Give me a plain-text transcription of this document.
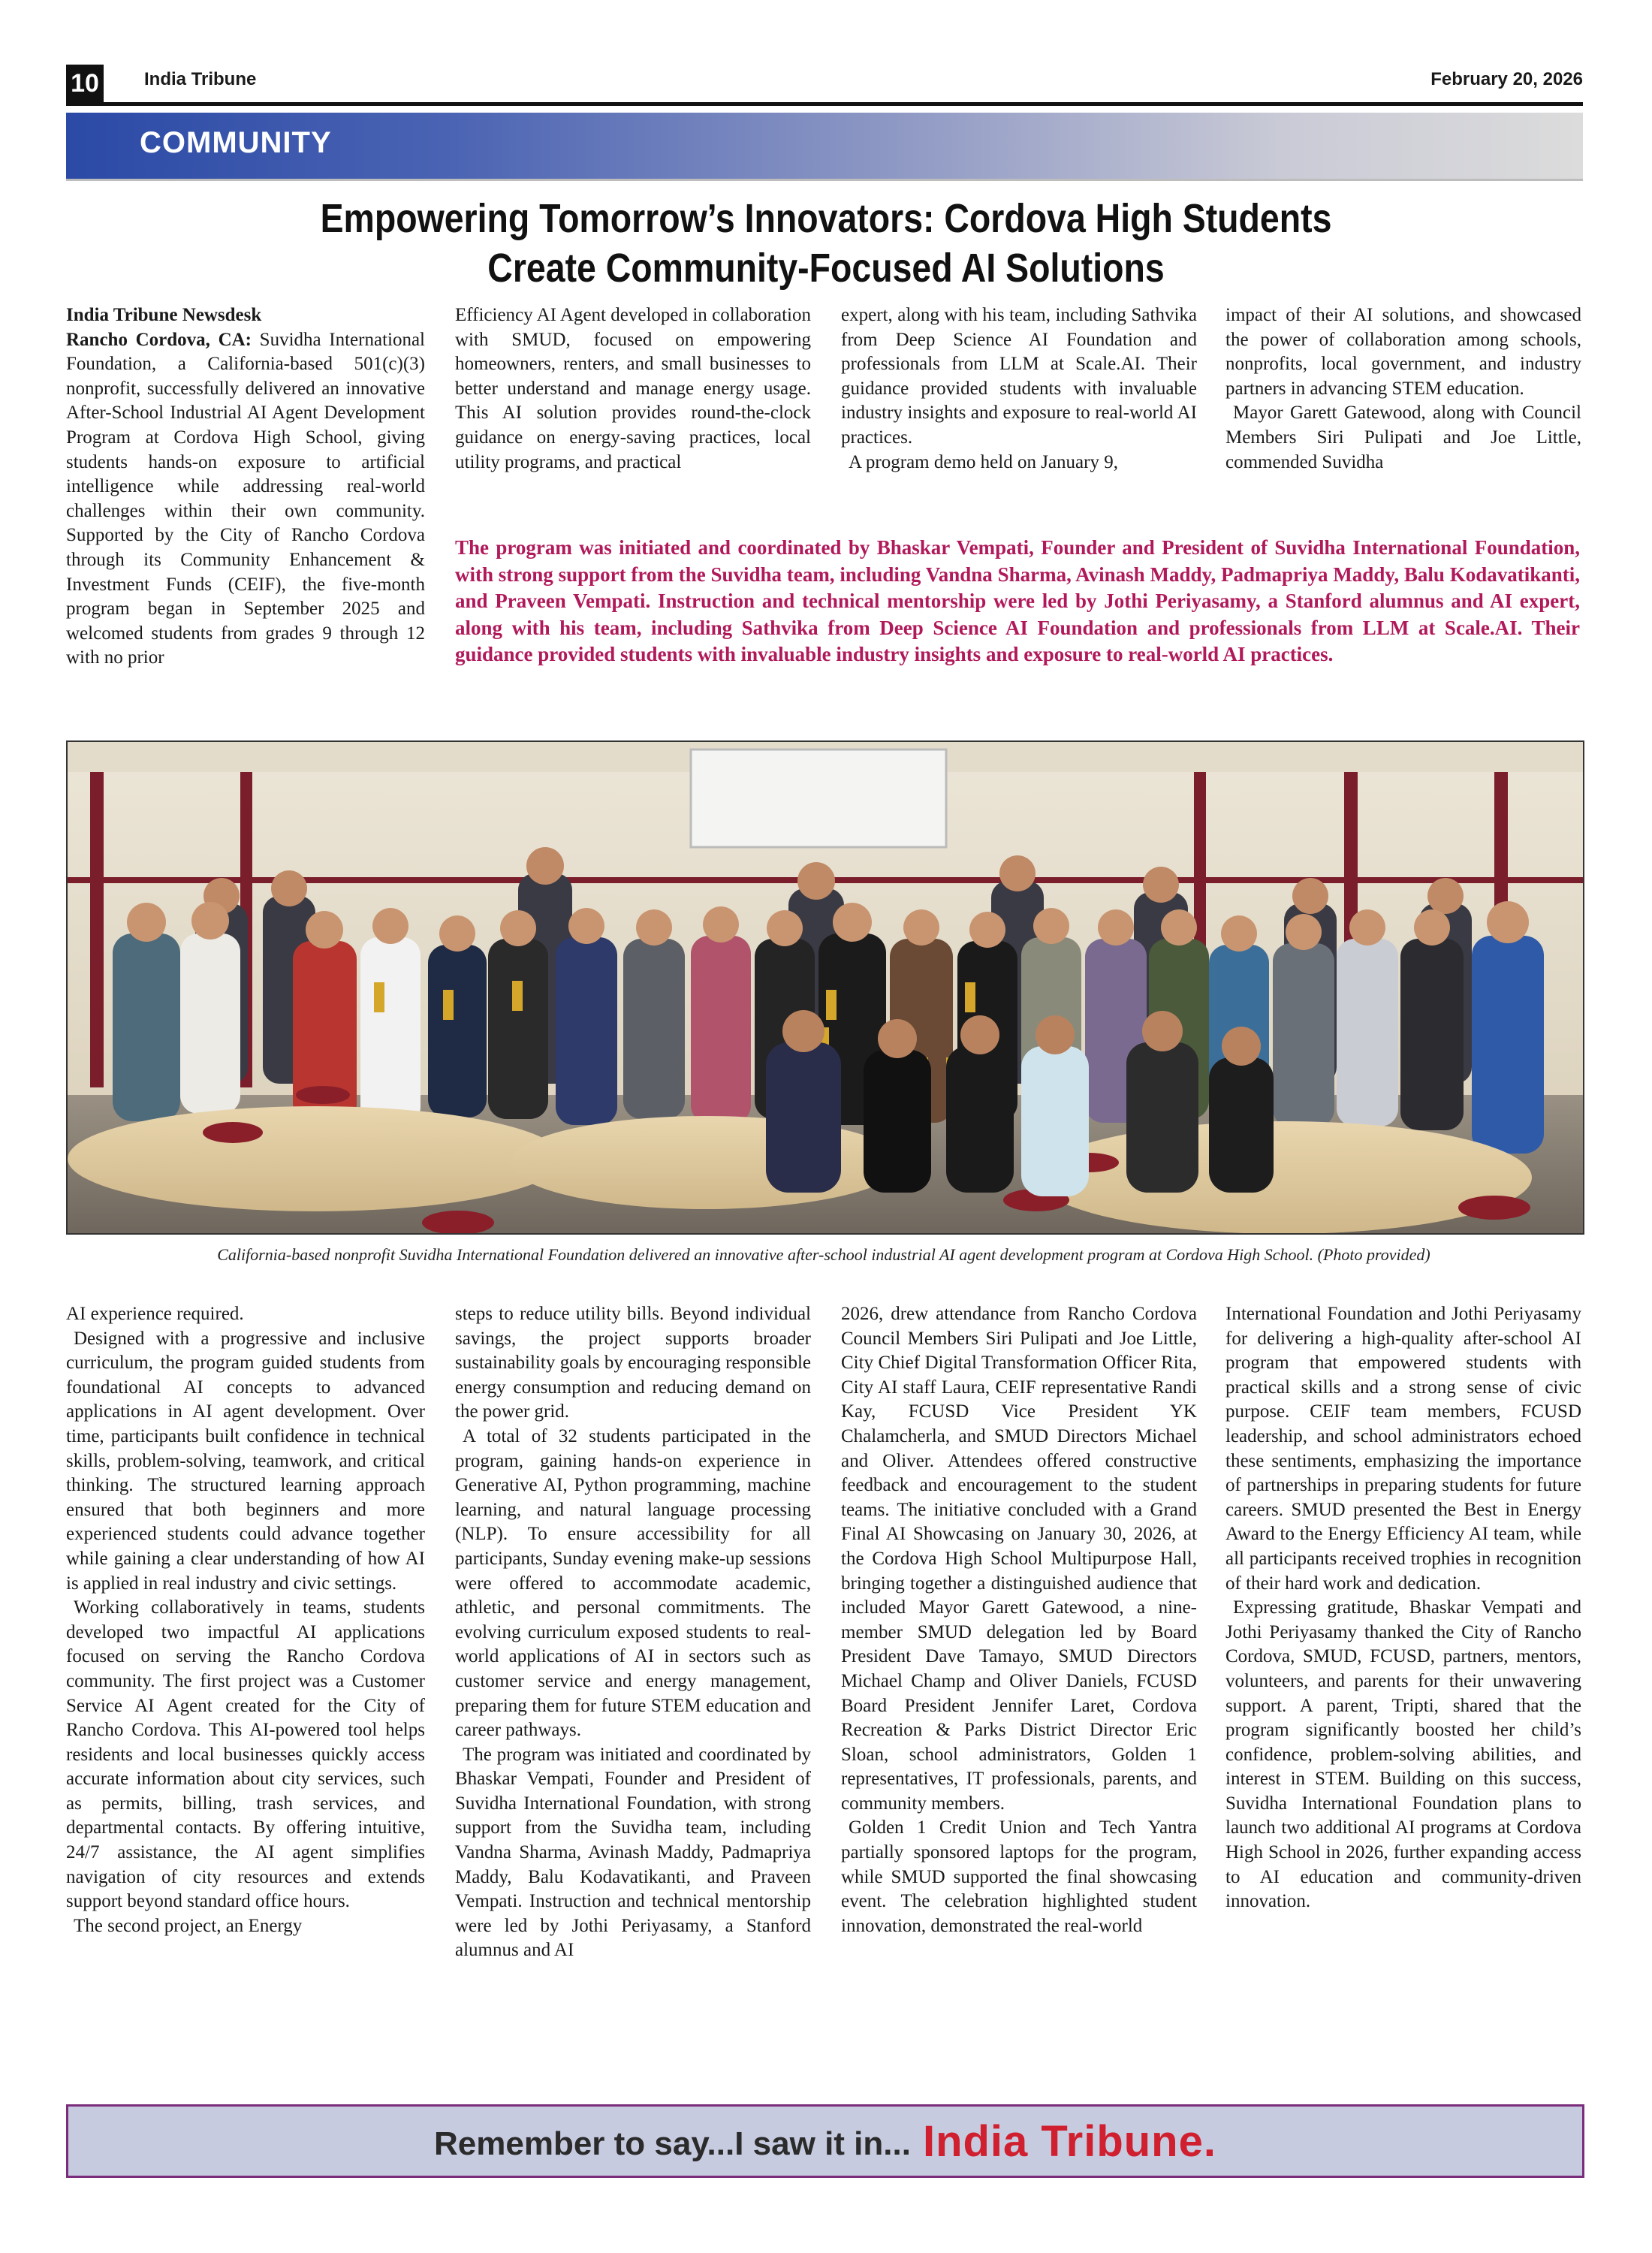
10	India Tribune	February 20, 2026
COMMUNITY
Empowering Tomorrow’s Innovators: Cordova High Students
Create Community-Focused AI Solutions

India Tribune Newsdesk

Rancho Cordova, CA: Suvidha International Foundation, a California-based 501(c)(3) nonprofit, successfully delivered an innovative After-School Industrial AI Agent Development Program at Cordova High School, giving students hands-on exposure to artificial intelligence while addressing real-world challenges within their own community. Supported by the City of Rancho Cordova through its Community Enhancement & Investment Funds (CEIF), the five-month program began in September 2025 and welcomed students from grades 9 through 12 with no prior

Efficiency AI Agent developed in collaboration with SMUD, focused on empowering homeowners, renters, and small businesses to better understand and manage energy usage. This AI solution provides round-the-clock guidance on energy-saving practices, local utility programs, and practical

expert, along with his team, including Sathvika from Deep Science AI Foundation and professionals from LLM at Scale.AI. Their guidance provided students with invaluable industry insights and exposure to real-world AI practices.

A program demo held on January 9,

impact of their AI solutions, and showcased the power of collaboration among schools, nonprofits, local government, and industry partners in advancing STEM education.

Mayor Garett Gatewood, along with Council Members Siri Pulipati and Joe Little, commended Suvidha

The program was initiated and coordinated by Bhaskar Vempati, Founder and President of Suvidha International Foundation, with strong support from the Suvidha team, including Vandna Sharma, Avinash Maddy, Padmapriya Maddy, Balu Kodavatikanti, and Praveen Vempati. Instruction and technical mentorship were led by Jothi Periyasamy, a Stanford alumnus and AI expert, along with his team, including Sathvika from Deep Science AI Foundation and professionals from LLM at Scale.AI. Their guidance provided students with invaluable industry insights and exposure to real-world AI practices.
California-based nonprofit Suvidha International Foundation delivered an innovative after-school industrial AI agent development program at Cordova High School. (Photo provided)

AI experience required.

Designed with a progressive and inclusive curriculum, the program guided students from foundational AI concepts to advanced applications in AI agent development. Over time, participants built confidence in technical skills, problem-solving, teamwork, and critical thinking. The structured learning approach ensured that both beginners and more experienced students could advance together while gaining a clear understanding of how AI is applied in real industry and civic settings.

Working collaboratively in teams, students developed two impactful AI applications focused on serving the Rancho Cordova community. The first project was a Customer Service AI Agent created for the City of Rancho Cordova. This AI-powered tool helps residents and local businesses quickly access accurate information about city services, such as permits, billing, trash services, and departmental contacts. By offering intuitive, 24/7 assistance, the AI agent simplifies navigation of city resources and extends support beyond standard office hours.

The second project, an Energy

steps to reduce utility bills. Beyond individual savings, the project supports broader sustainability goals by encouraging responsible energy consumption and reducing demand on the power grid.

A total of 32 students participated in the program, gaining hands-on experience in Generative AI, Python programming, machine learning, and natural language processing (NLP). To ensure accessibility for all participants, Sunday evening make-up sessions were offered to accommodate academic, athletic, and personal commitments. The evolving curriculum exposed students to real-world applications of AI in sectors such as customer service and energy management, preparing them for future STEM education and career pathways.

The program was initiated and coordinated by Bhaskar Vempati, Founder and President of Suvidha International Foundation, with strong support from the Suvidha team, including Vandna Sharma, Avinash Maddy, Padmapriya Maddy, Balu Kodavatikanti, and Praveen Vempati. Instruction and technical mentorship were led by Jothi Periyasamy, a Stanford alumnus and AI

2026, drew attendance from Rancho Cordova Council Members Siri Pulipati and Joe Little, City Chief Digital Transformation Officer Rita, City AI staff Laura, CEIF representative Randi Kay, FCUSD Vice President YK Chalamcherla, and SMUD Directors Michael and Oliver. Attendees offered constructive feedback and encouragement to the student teams. The initiative concluded with a Grand Final AI Showcasing on January 30, 2026, at the Cordova High School Multipurpose Hall, bringing together a distinguished audience that included Mayor Garett Gatewood, a nine-member SMUD delegation led by Board President Dave Tamayo, SMUD Directors Michael Champ and Oliver Daniels, FCUSD Board President Jennifer Laret, Cordova Recreation & Parks District Director Eric Sloan, school administrators, Golden 1 representatives, IT professionals, parents, and community members.

Golden 1 Credit Union and Tech Yantra partially sponsored laptops for the program, while SMUD supported the final showcasing event. The celebration highlighted student innovation, demonstrated the real-world

International Foundation and Jothi Periyasamy for delivering a high-quality after-school AI program that empowered students with practical skills and a strong sense of civic purpose. CEIF team members, FCUSD leadership, and school administrators echoed these sentiments, emphasizing the importance of partnerships in preparing students for future careers. SMUD presented the Best in Energy Award to the Energy Efficiency AI team, while all participants received trophies in recognition of their hard work and dedication.

Expressing gratitude, Bhaskar Vempati and Jothi Periyasamy thanked the City of Rancho Cordova, SMUD, FCUSD, partners, mentors, volunteers, and parents for their unwavering support. A parent, Tripti, shared that the program significantly boosted her child’s confidence, problem-solving abilities, and interest in STEM. Building on this success, Suvidha International Foundation plans to launch two additional AI programs at Cordova High School in 2026, further expanding access to AI education and community-driven innovation.

Remember to say...I saw it in... India Tribune.
